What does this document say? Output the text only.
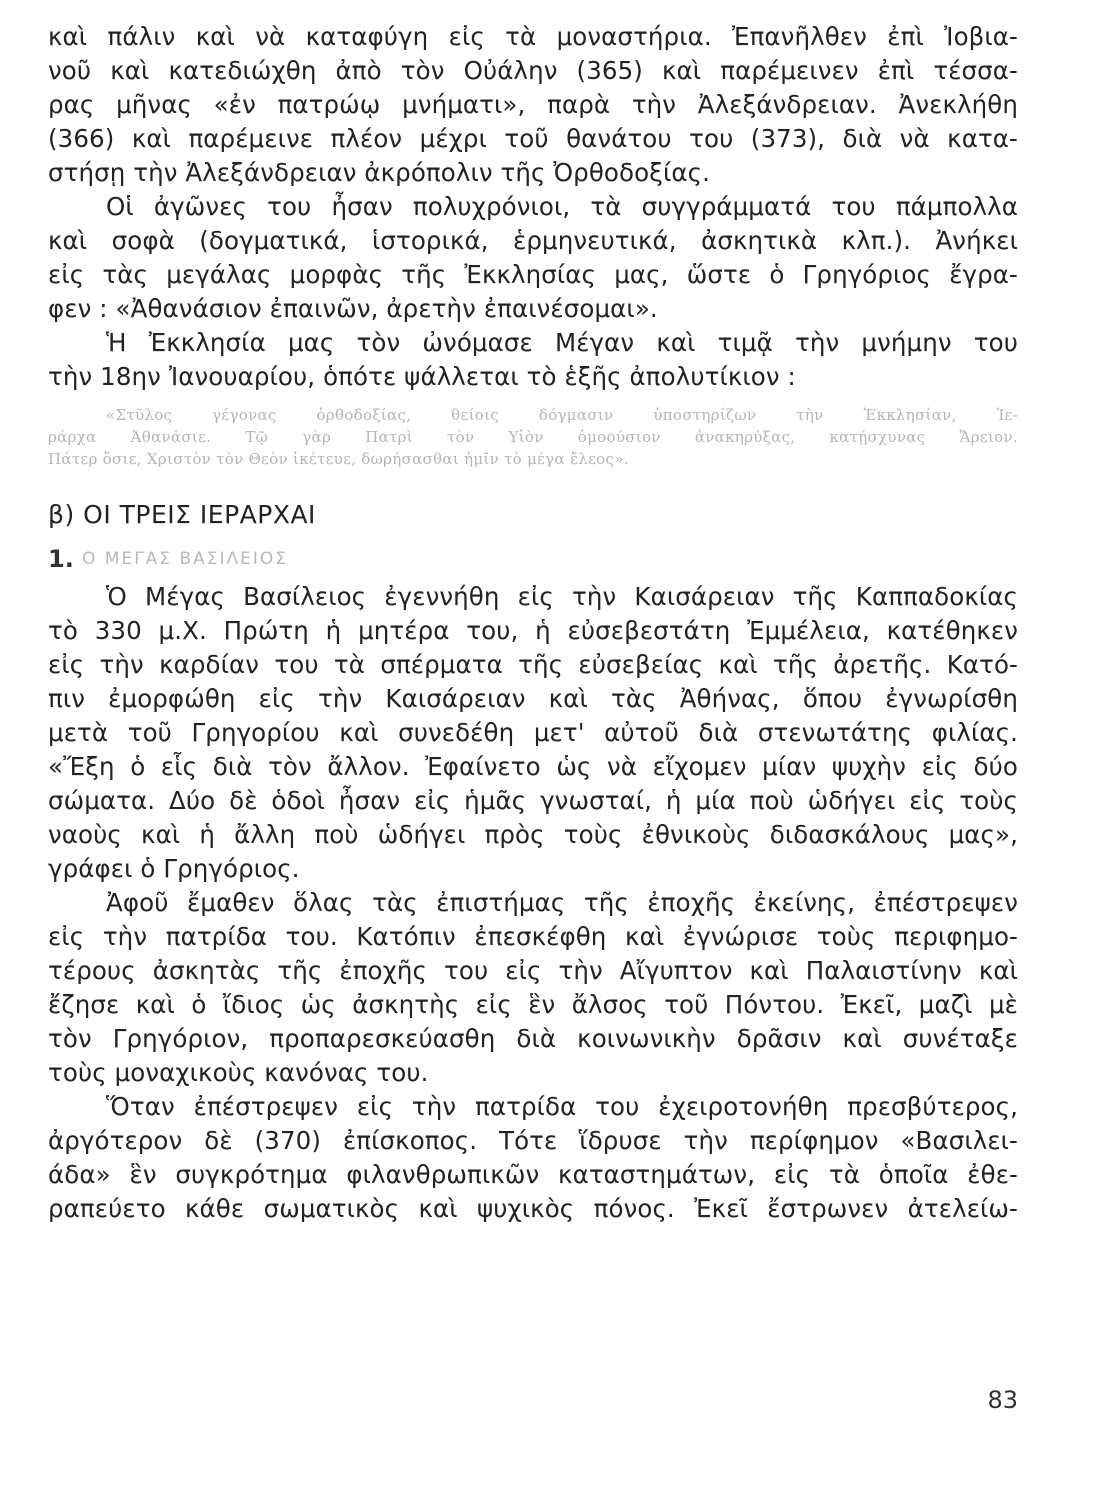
καὶ πάλιν καὶ νὰ καταφύγη εἰς τὰ μοναστήρια. Ἐπανῆλθεν ἐπὶ Ἰοβια-
νοῦ καὶ κατεδιώχθη ἀπὸ τὸν Οὐάλην (365) καὶ παρέμεινεν ἐπὶ τέσσα-
ρας μῆνας «ἐν πατρώῳ μνήματι», παρὰ τὴν Ἀλεξάνδρειαν. Ἀνεκλήθη
(366) καὶ παρέμεινε πλέον μέχρι τοῦ θανάτου του (373), διὰ νὰ κατα-
στήσῃ τὴν Ἀλεξάνδρειαν ἀκρόπολιν τῆς Ὀρθοδοξίας.
Οἱ ἀγῶνες του ἦσαν πολυχρόνιοι, τὰ συγγράμματά του πάμπολλα
καὶ σοφὰ (δογματικά, ἱστορικά, ἑρμηνευτικά, ἀσκητικὰ κλπ.). Ἀνήκει
εἰς τὰς μεγάλας μορφὰς τῆς Ἐκκλησίας μας, ὥστε ὁ Γρηγόριος ἔγρα-
φεν : «Ἀθανάσιον ἐπαινῶν, ἀρετὴν ἐπαινέσομαι».
Ἡ Ἐκκλησία μας τὸν ὠνόμασε Μέγαν καὶ τιμᾷ τὴν μνήμην του
τὴν 18ην Ἰανουαρίου, ὁπότε ψάλλεται τὸ ἑξῆς ἀπολυτίκιον :
«Στῦλος γέγονας ὀρθοδοξίας, θείοις δόγμασιν ὑποστηρίζων τὴν Ἐκκλησίαν, Ἱε-
ράρχα Ἀθανάσιε. Τῷ γὰρ Πατρὶ τὸν Υἱὸν ὁμοούσιον ἀνακηρύξας, κατῄσχυνας Ἄρειον.
Πάτερ ὅσιε, Χριστὸν τὸν Θεὸν ἱκέτευε, δωρήσασθαι ἡμῖν τὸ μέγα ἔλεος».
β) ΟΙ ΤΡΕΙΣ ΙΕΡΑΡΧΑΙ
1. Ο ΜΕΓΑΣ ΒΑΣΙΛΕΙΟΣ
Ὁ Μέγας Βασίλειος ἐγεννήθη εἰς τὴν Καισάρειαν τῆς Καππαδοκίας
τὸ 330 μ.Χ. Πρώτη ἡ μητέρα του, ἡ εὐσεβεστάτη Ἐμμέλεια, κατέθηκεν
εἰς τὴν καρδίαν του τὰ σπέρματα τῆς εὐσεβείας καὶ τῆς ἀρετῆς. Κατό-
πιν ἐμορφώθη εἰς τὴν Καισάρειαν καὶ τὰς Ἀθήνας, ὅπου ἐγνωρίσθη
μετὰ τοῦ Γρηγορίου καὶ συνεδέθη μετ' αὐτοῦ διὰ στενωτάτης φιλίας.
«Ἔξη ὁ εἷς διὰ τὸν ἄλλον. Ἐφαίνετο ὡς νὰ εἴχομεν μίαν ψυχὴν εἰς δύο
σώματα. Δύο δὲ ὁδοὶ ἦσαν εἰς ἡμᾶς γνωσταί, ἡ μία ποὺ ὡδήγει εἰς τοὺς
ναοὺς καὶ ἡ ἄλλη ποὺ ὡδήγει πρὸς τοὺς ἐθνικοὺς διδασκάλους μας»,
γράφει ὁ Γρηγόριος.
Ἀφοῦ ἔμαθεν ὅλας τὰς ἐπιστήμας τῆς ἐποχῆς ἐκείνης, ἐπέστρεψεν
εἰς τὴν πατρίδα του. Κατόπιν ἐπεσκέφθη καὶ ἐγνώρισε τοὺς περιφημο-
τέρους ἀσκητὰς τῆς ἐποχῆς του εἰς τὴν Αἴγυπτον καὶ Παλαιστίνην καὶ
ἔζησε καὶ ὁ ἴδιος ὡς ἀσκητὴς εἰς ἓν ἄλσος τοῦ Πόντου. Ἐκεῖ, μαζὶ μὲ
τὸν Γρηγόριον, προπαρεσκεύασθη διὰ κοινωνικὴν δρᾶσιν καὶ συνέταξε
τοὺς μοναχικοὺς κανόνας του.
Ὅταν ἐπέστρεψεν εἰς τὴν πατρίδα του ἐχειροτονήθη πρεσβύτερος,
ἀργότερον δὲ (370) ἐπίσκοπος. Τότε ἵδρυσε τὴν περίφημον «Βασιλει-
άδα» ἓν συγκρότημα φιλανθρωπικῶν καταστημάτων, εἰς τὰ ὁποῖα ἐθε-
ραπεύετο κάθε σωματικὸς καὶ ψυχικὸς πόνος. Ἐκεῖ ἔστρωνεν ἀτελείω-
83
